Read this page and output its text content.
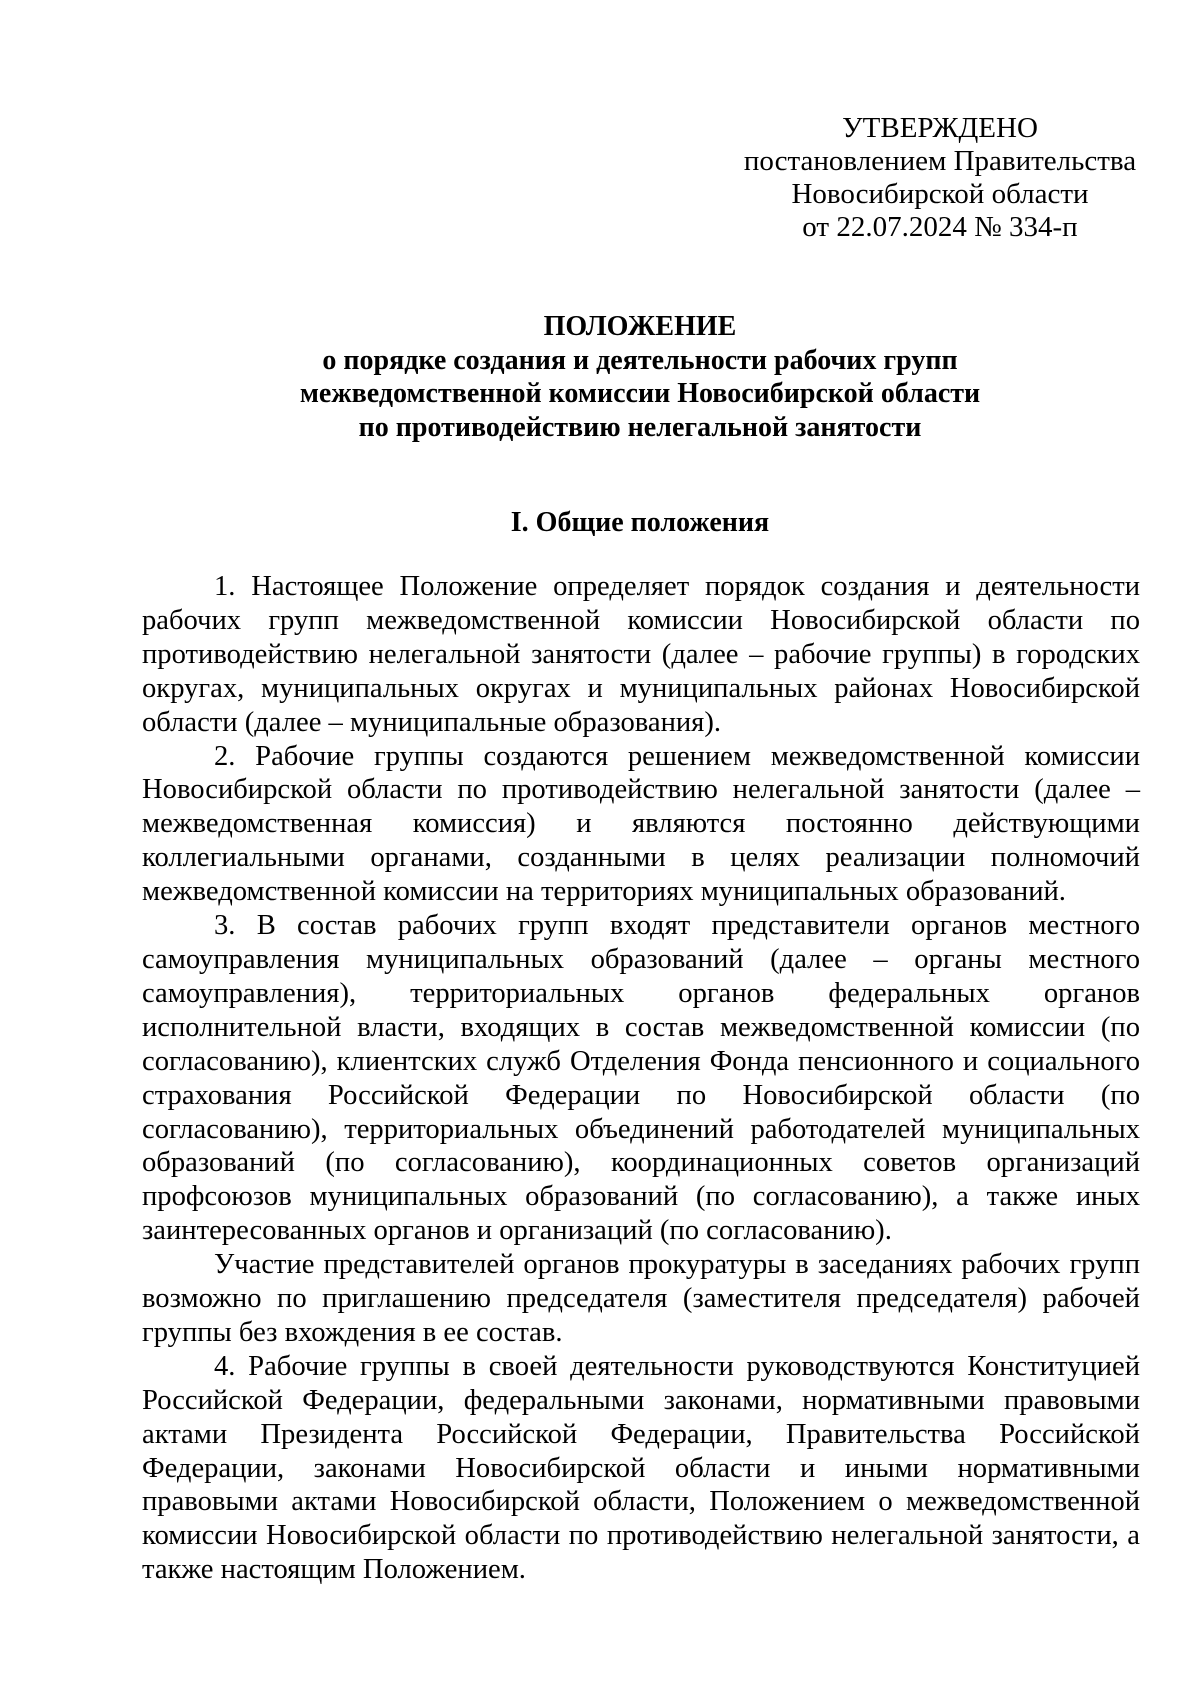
УТВЕРЖДЕНО
постановлением Правительства
Новосибирской области
от 22.07.2024 № 334-п
ПОЛОЖЕНИЕ
о порядке создания и деятельности рабочих групп
межведомственной комиссии Новосибирской области
по противодействию нелегальной занятости
I. Общие положения

1. Настоящее Положение определяет порядок создания и деятельности рабочих групп межведомственной комиссии Новосибирской области по противодействию нелегальной занятости (далее – рабочие группы) в городских округах, муниципальных округах и муниципальных районах Новосибирской области (далее – муниципальные образования).

2. Рабочие группы создаются решением межведомственной комиссии Новосибирской области по противодействию нелегальной занятости (далее – межведомственная комиссия) и являются постоянно действующими коллегиальными органами, созданными в целях реализации полномочий межведомственной комиссии на территориях муниципальных образований.

3. В состав рабочих групп входят представители органов местного самоуправления муниципальных образований (далее – органы местного самоуправления), территориальных органов федеральных органов исполнительной власти, входящих в состав межведомственной комиссии (по согласованию), клиентских служб Отделения Фонда пенсионного и социального страхования Российской Федерации по Новосибирской области (по согласованию), территориальных объединений работодателей муниципальных образований (по согласованию), координационных советов организаций профсоюзов муниципальных образований (по согласованию), а также иных заинтересованных органов и организаций (по согласованию).

Участие представителей органов прокуратуры в заседаниях рабочих групп возможно по приглашению председателя (заместителя председателя) рабочей группы без вхождения в ее состав.

4. Рабочие группы в своей деятельности руководствуются Конституцией Российской Федерации, федеральными законами, нормативными правовыми актами Президента Российской Федерации, Правительства Российской Федерации, законами Новосибирской области и иными нормативными правовыми актами Новосибирской области, Положением о межведомственной комиссии Новосибирской области по противодействию нелегальной занятости, а также настоящим Положением.
